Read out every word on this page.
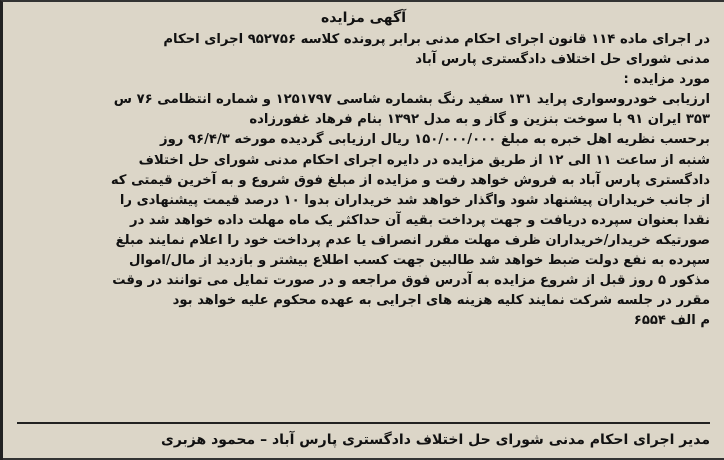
آگهی مزایده
در اجرای ماده ۱۱۴ قانون اجرای احکام مدنی برابر پرونده کلاسه ۹۵۲۷۵۶ اجرای احکام
مدنی شورای حل اختلاف دادگستری پارس آباد
مورد مزایده :
ارزیابی خودروسواری پراید ۱۳۱ سفید رنگ بشماره شاسی ۱۲۵۱۷۹۷ و شماره انتظامی ۷۶ س
۳۵۳ ایران ۹۱ با سوخت بنزین و گاز و به مدل ۱۳۹۲ بنام فرهاد غفورزاده
برحسب نظریه اهل خبره به مبلغ ۱۵۰/۰۰۰/۰۰۰ ریال ارزیابی گردیده مورخه ۹۶/۴/۳ روز
شنبه از ساعت ۱۱ الی ۱۲ از طریق مزایده در دایره اجرای احکام مدنی شورای حل اختلاف
دادگستری پارس آباد به فروش خواهد رفت و مزایده از مبلغ فوق شروع و به آخرین قیمتی که
از جانب خریداران پیشنهاد شود واگذار خواهد شد خریداران بدوا ۱۰ درصد قیمت پیشنهادی را
نقدا بعنوان سپرده دریافت و جهت پرداخت بقیه آن حداکثر یک ماه مهلت داده خواهد شد در
صورتیکه خریدار/خریداران ظرف مهلت مقرر انصراف یا عدم پرداخت خود را اعلام نمایند مبلغ
سپرده به نفع دولت ضبط خواهد شد طالبین جهت کسب اطلاع بیشتر و بازدید از مال/اموال
مذکور ۵ روز قبل از شروع مزایده به آدرس فوق مراجعه و در صورت تمایل می توانند در وقت
مقرر در جلسه شرکت نمایند کلیه هزینه های اجرایی به عهده محکوم علیه خواهد بود
م الف ۶۵۵۴
مدیر اجرای احکام مدنی شورای حل اختلاف دادگستری پارس آباد – محمود هزبری
